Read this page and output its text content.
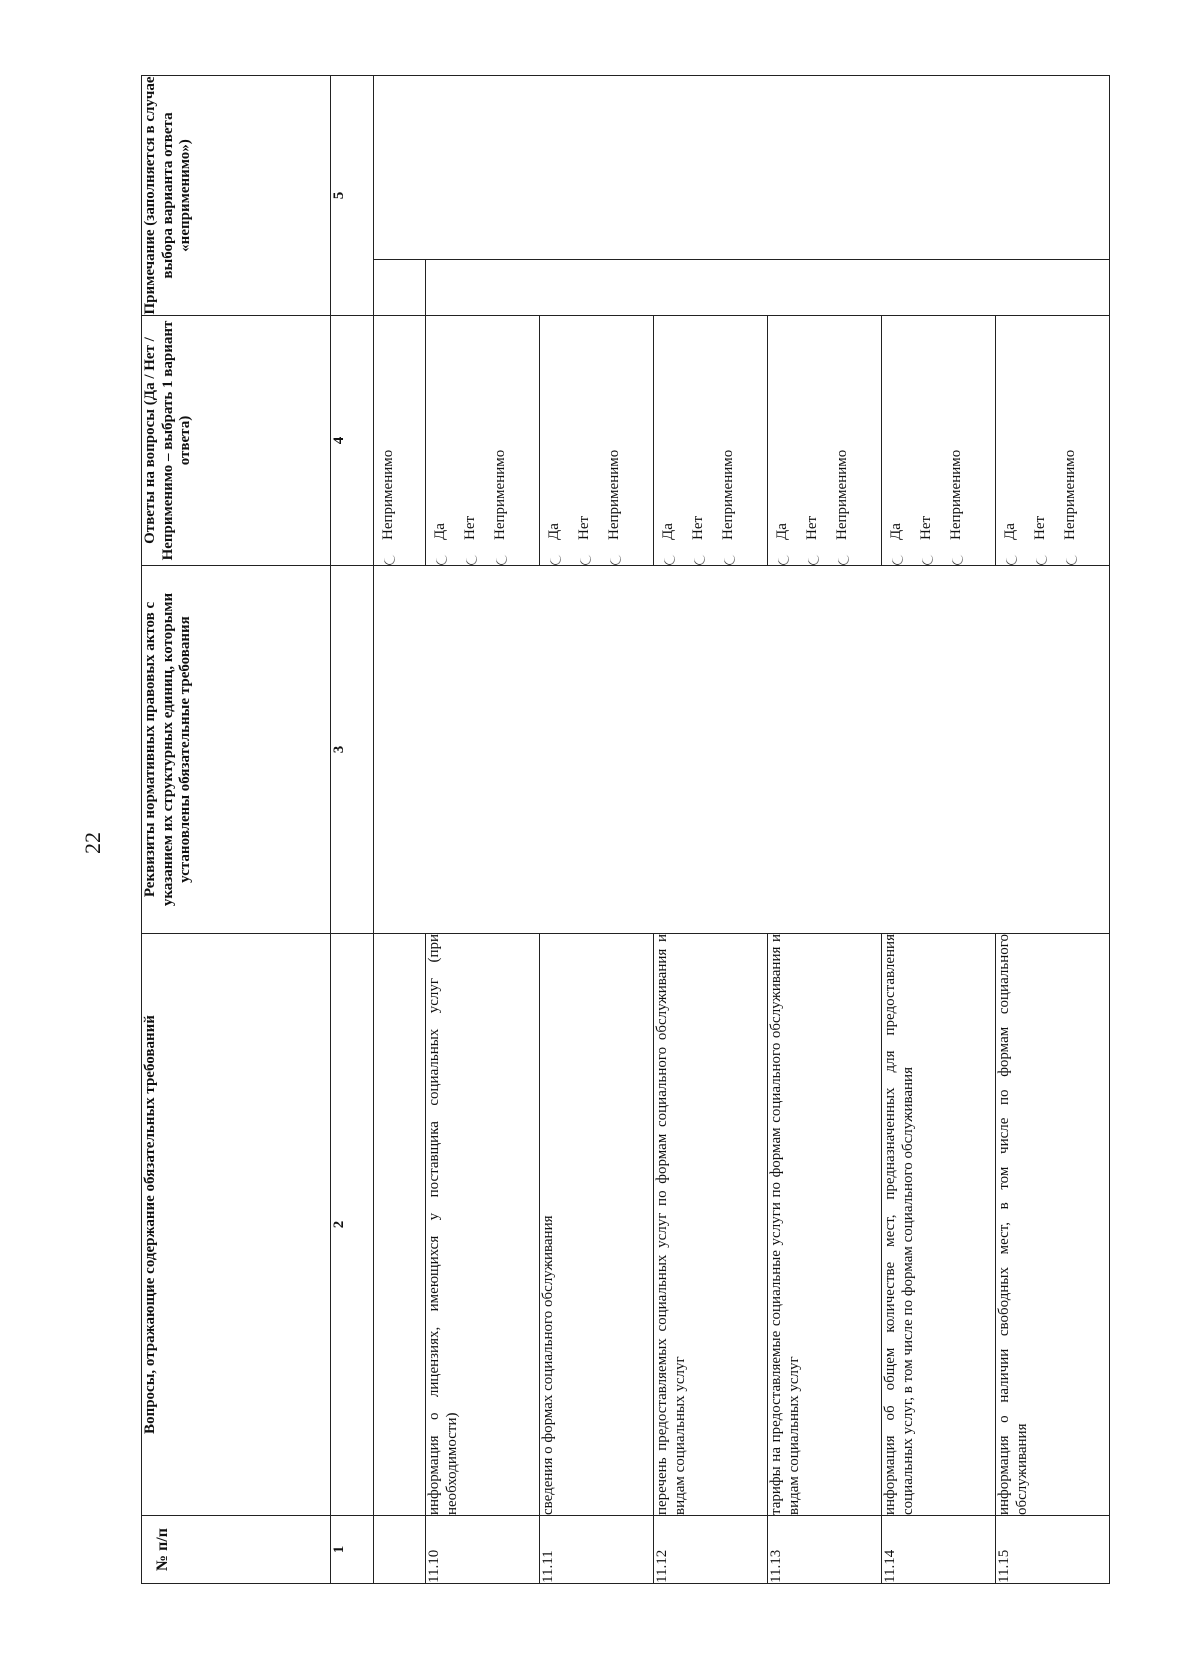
22
№ п/п	Вопросы, отражающие содержание обязательных требований	Реквизиты нормативных правовых актов с указанием их структурных единиц, которыми установлены обязательные требования	Ответы на вопросы (Да / Нет / Неприменимо – выбрать 1 вариант ответа)	Примечание (заполняется в случае выбора варианта ответа «неприменимо»)	
1	2	3	4	5	

			Неприменимо		

11.10	информация о лицензиях, имеющихся у поставщика социальных услуг (при необходимости)		Да Нет Неприменимо		

11.11	сведения о формах социального обслуживания		Да Нет Неприменимо		

11.12	перечень предоставляемых социальных услуг по формам социального обслуживания и видам социальных услуг		Да Нет Неприменимо		

11.13	тарифы на предоставляемые социальные услуги по формам социального обслуживания и видам социальных услуг		Да Нет Неприменимо		

11.14	информация об общем количестве мест, предназначенных для предоставления социальных услуг, в том числе по формам социального обслуживания		Да Нет Неприменимо		

11.15	информация о наличии свободных мест, в том числе по формам социального обслуживания		Да Нет Неприменимо		
